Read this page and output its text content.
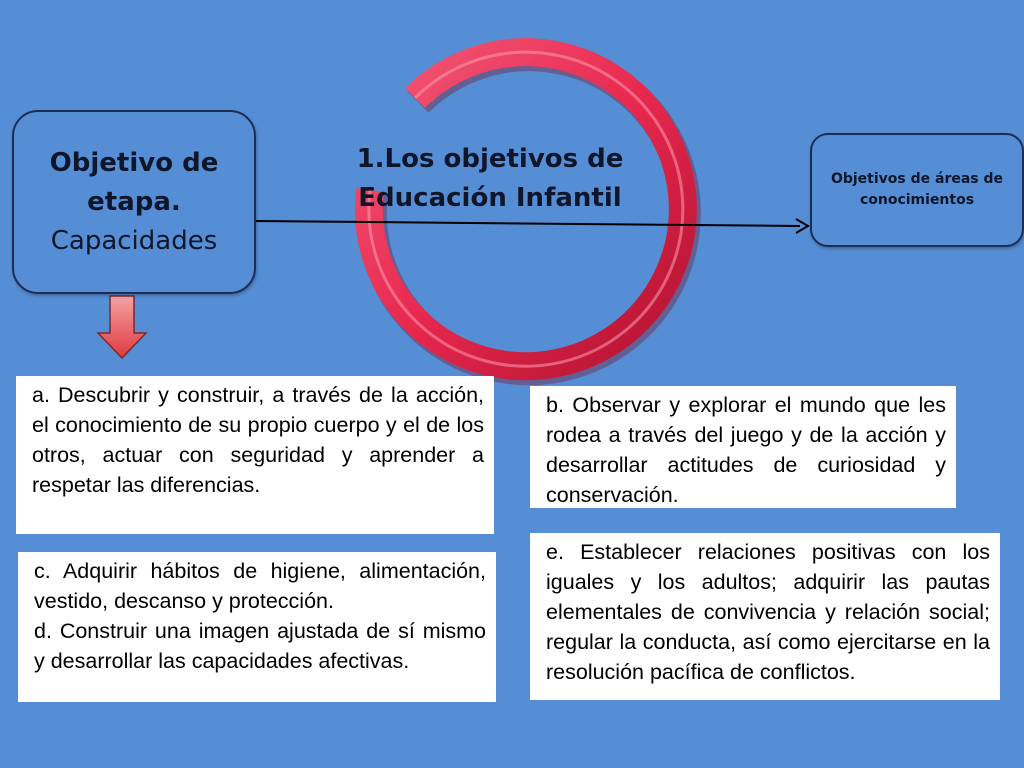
Objetivo de
etapa.
Capacidades
1.Los objetivos de
Educación Infantil
Objetivos de áreas de
conocimientos

a. Descubrir y construir, a través de la acción, el conocimiento de su propio cuerpo y el de los otros, actuar con seguridad y aprender a respetar las diferencias.

b. Observar y explorar el mundo que les rodea a través del juego y de la acción y desarrollar actitudes de curiosidad y conservación.

c. Adquirir hábitos de higiene, alimentación, vestido, descanso y protección.

d. Construir una imagen ajustada de sí mismo y desarrollar las capacidades afectivas.

e. Establecer relaciones positivas con los iguales y los adultos; adquirir las pautas elementales de convivencia y relación social; regular la conducta, así como ejercitarse en la resolución pacífica de conflictos.
